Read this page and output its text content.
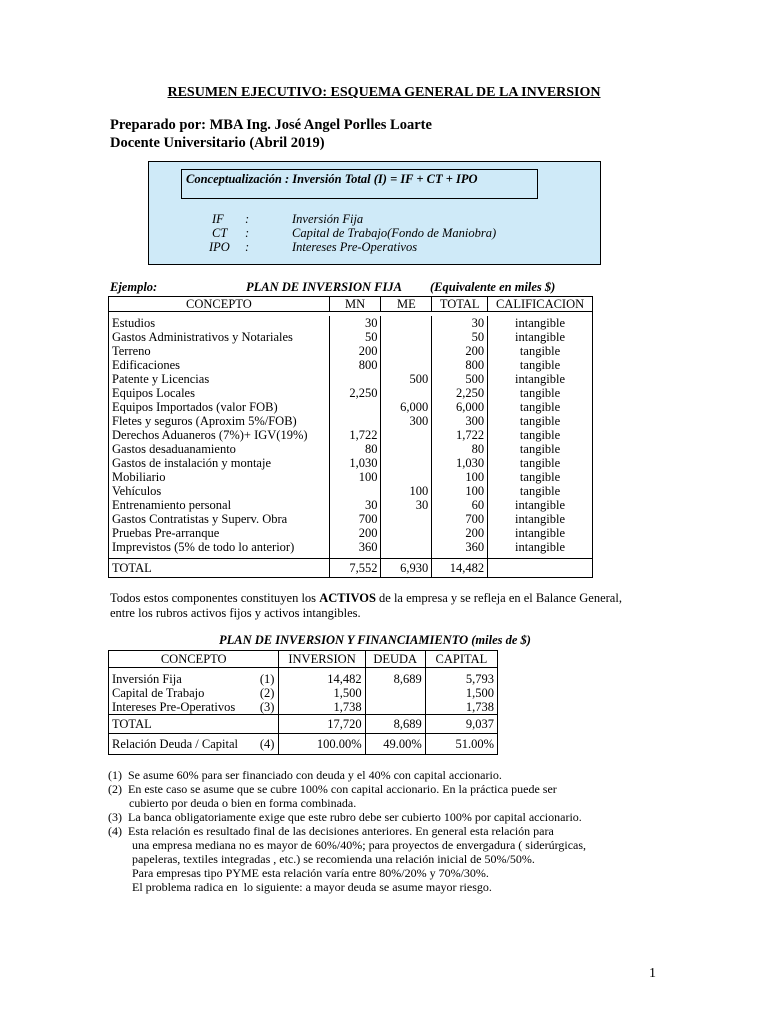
RESUMEN EJECUTIVO: ESQUEMA GENERAL DE LA INVERSION
Preparado por: MBA Ing. José Angel Porlles Loarte
Docente Universitario (Abril 2019)
Conceptualización : Inversión Total (I) = IF + CT + IPO
IF :	Inversión Fija
CT :	Capital de Trabajo(Fondo de Maniobra)
IPO :	Intereses Pre-Operativos
Ejemplo:	PLAN DE INVERSION FIJA (Equivalente en miles $)
CONCEPTO	MN	ME	TOTAL	CALIFICACION

Estudios	30		30	intangible
Gastos Administrativos y Notariales	50		50	intangible
Terreno	200		200	tangible
Edificaciones	800		800	tangible
Patente y Licencias		500	500	intangible
Equipos Locales	2,250		2,250	tangible
Equipos Importados (valor FOB)		6,000	6,000	tangible
Fletes y seguros (Aproxim 5%/FOB)		300	300	tangible
Derechos Aduaneros (7%)+ IGV(19%)	1,722		1,722	tangible
Gastos desaduanamiento	80		80	tangible
Gastos de instalación y montaje	1,030		1,030	tangible
Mobiliario	100		100	tangible
Vehículos		100	100	tangible
Entrenamiento personal	30	30	60	intangible
Gastos Contratistas y Superv. Obra	700		700	intangible
Pruebas Pre-arranque	200		200	intangible
Imprevistos (5% de todo lo anterior)	360		360	intangible

TOTAL	7,552	6,930	14,482	
Todos estos componentes constituyen los ACTIVOS de la empresa y se refleja en el Balance General,
entre los rubros activos fijos y activos intangibles.
PLAN DE INVERSION Y FINANCIAMIENTO (miles de $)
CONCEPTO	INVERSION	DEUDA	CAPITAL

Inversión Fija (1)	14,482	8,689	5,793
Capital de Trabajo (2)	1,500		1,500
Intereses Pre-Operativos (3)	1,738		1,738
TOTAL	17,720	8,689	9,037
Relación Deuda / Capital (4)	100.00%	49.00%	51.00%
(1)  Se asume 60% para ser financiado con deuda y el 40% con capital accionario.
(2)  En este caso se asume que se cubre 100% con capital accionario. En la práctica puede ser
cubierto por deuda o bien en forma combinada.
(3)  La banca obligatoriamente exige que este rubro debe ser cubierto 100% por capital accionario.
(4)  Esta relación es resultado final de las decisiones anteriores. En general esta relación para
una empresa mediana no es mayor de 60%/40%; para proyectos de envergadura ( siderúrgicas,
papeleras, textiles integradas , etc.) se recomienda una relación inicial de 50%/50%.
Para empresas tipo PYME esta relación varía entre 80%/20% y 70%/30%.
El problema radica en  lo siguiente: a mayor deuda se asume mayor riesgo.
1
